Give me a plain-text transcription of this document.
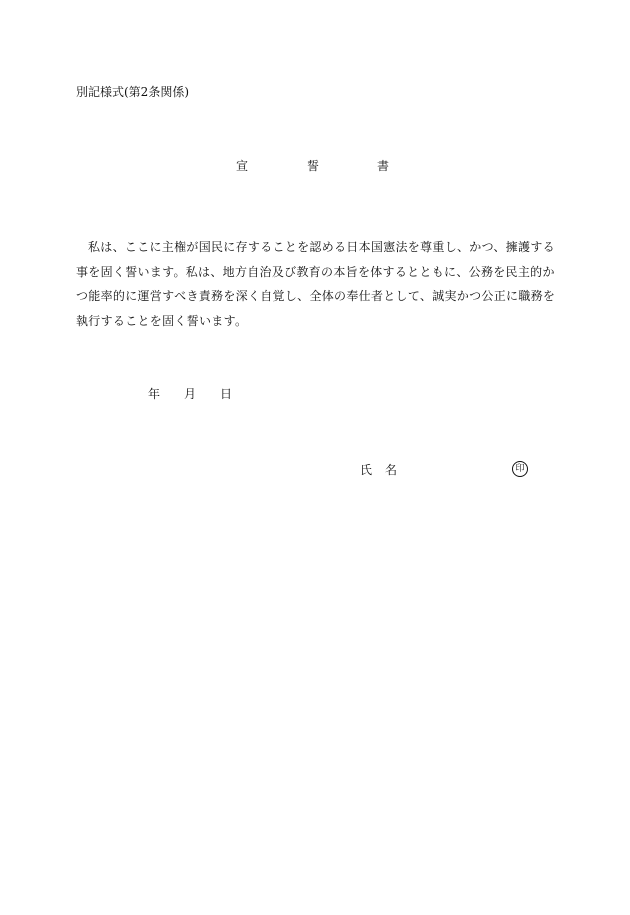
別記様式(第2条関係)
宣	誓	書

私は、ここに主権が国民に存することを認める日本国憲法を尊重し、かつ、擁護する事を固く誓います。私は、地方自治及び教育の本旨を体するとともに、公務を民主的かつ能率的に運営すべき責務を深く自覚し、全体の奉仕者として、誠実かつ公正に職務を執行することを固く誓います。

年 月 日
氏 名	印
